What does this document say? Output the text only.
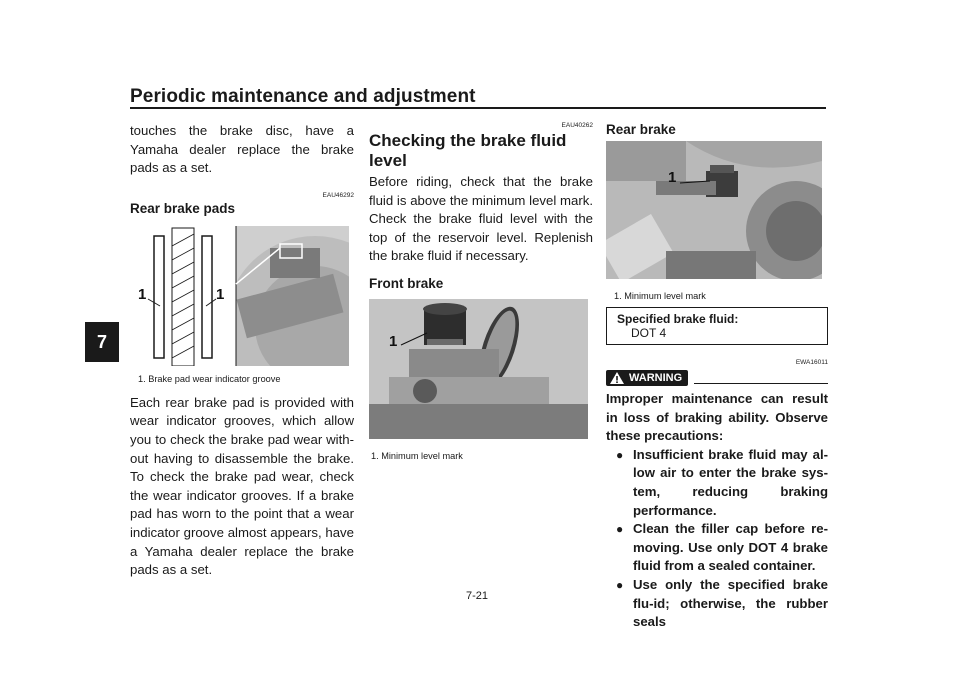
Periodic maintenance and adjustment
7

touches the brake disc, have a Yamaha dealer replace the brake pads as a set.

EAU46292

Rear brake pads

1	1

1. Brake pad wear indicator groove

Each rear brake pad is provided with wear indicator grooves, which allow you to check the brake pad wear with-out having to disassemble the brake. To check the brake pad wear, check the wear indicator grooves. If a brake pad has worn to the point that a wear indicator groove almost appears, have a Yamaha dealer replace the brake pads as a set.

EAU40262

Checking the brake fluid level

Before riding, check that the brake fluid is above the minimum level mark. Check the brake fluid level with the top of the reservoir level. Replenish the brake fluid if necessary.

Front brake

1

1. Minimum level mark

Rear brake

1

1. Minimum level mark

Specified brake fluid:
DOT 4

EWA16011

WARNING

Improper maintenance can result in loss of braking ability. Observe these precautions:

● Insufficient brake fluid may al-low air to enter the brake sys-tem, reducing braking performance.
● Clean the filler cap before re-moving. Use only DOT 4 brake fluid from a sealed container.
● Use only the specified brake flu-id; otherwise, the rubber seals
7-21
